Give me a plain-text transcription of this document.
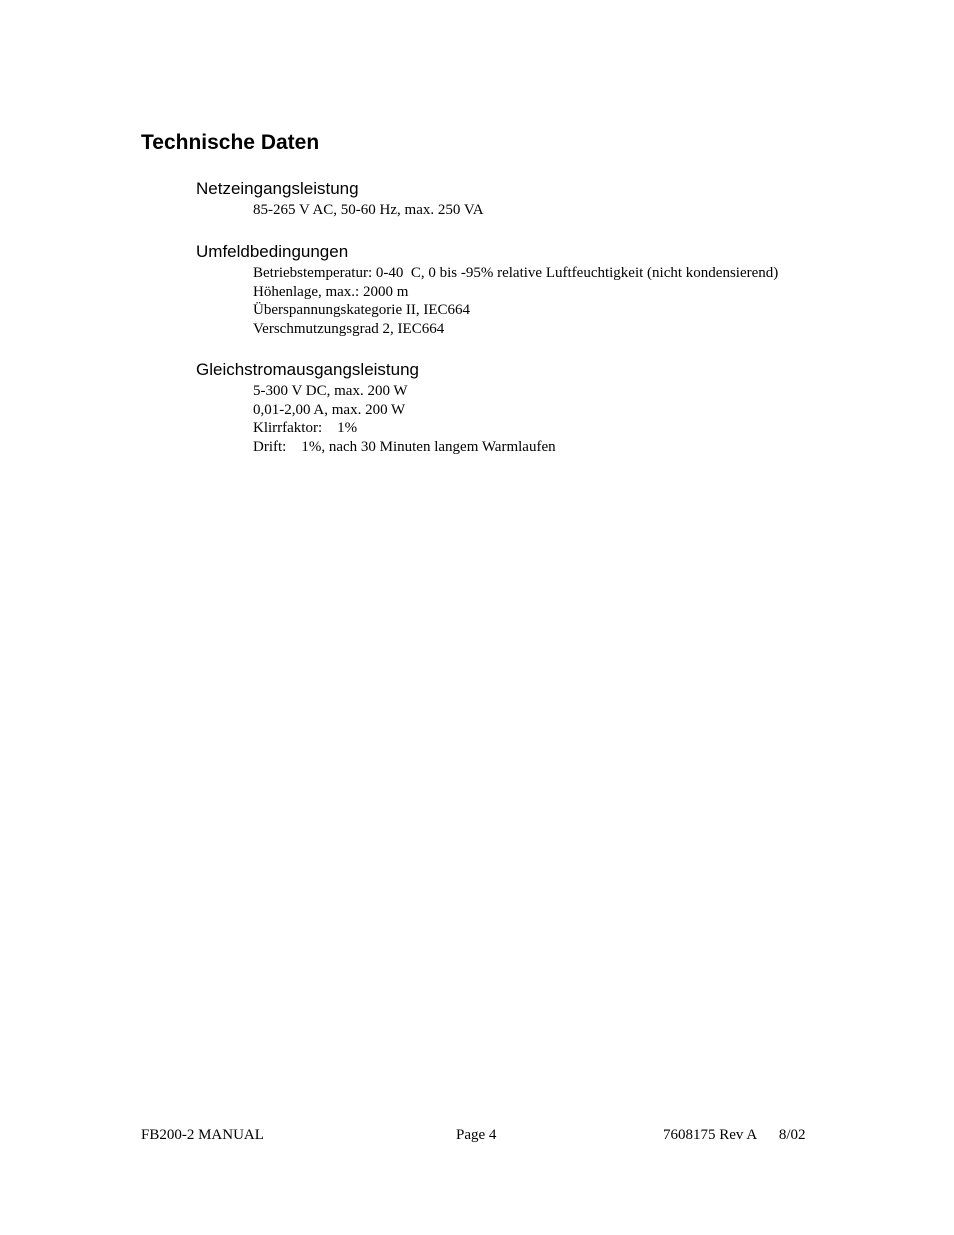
Technische Daten
Netzeingangsleistung
85-265 V AC, 50-60 Hz, max. 250 VA
Umfeldbedingungen
Betriebstemperatur: 0-40  C, 0 bis -95% relative Luftfeuchtigkeit (nicht kondensierend)
Höhenlage, max.: 2000 m
Überspannungskategorie II, IEC664
Verschmutzungsgrad 2, IEC664
Gleichstromausgangsleistung
5-300 V DC, max. 200 W
0,01-2,00 A, max. 200 W
Klirrfaktor:    1%
Drift:    1%, nach 30 Minuten langem Warmlaufen
FB200-2 MANUAL	Page 4	7608175 Rev A      8/02
